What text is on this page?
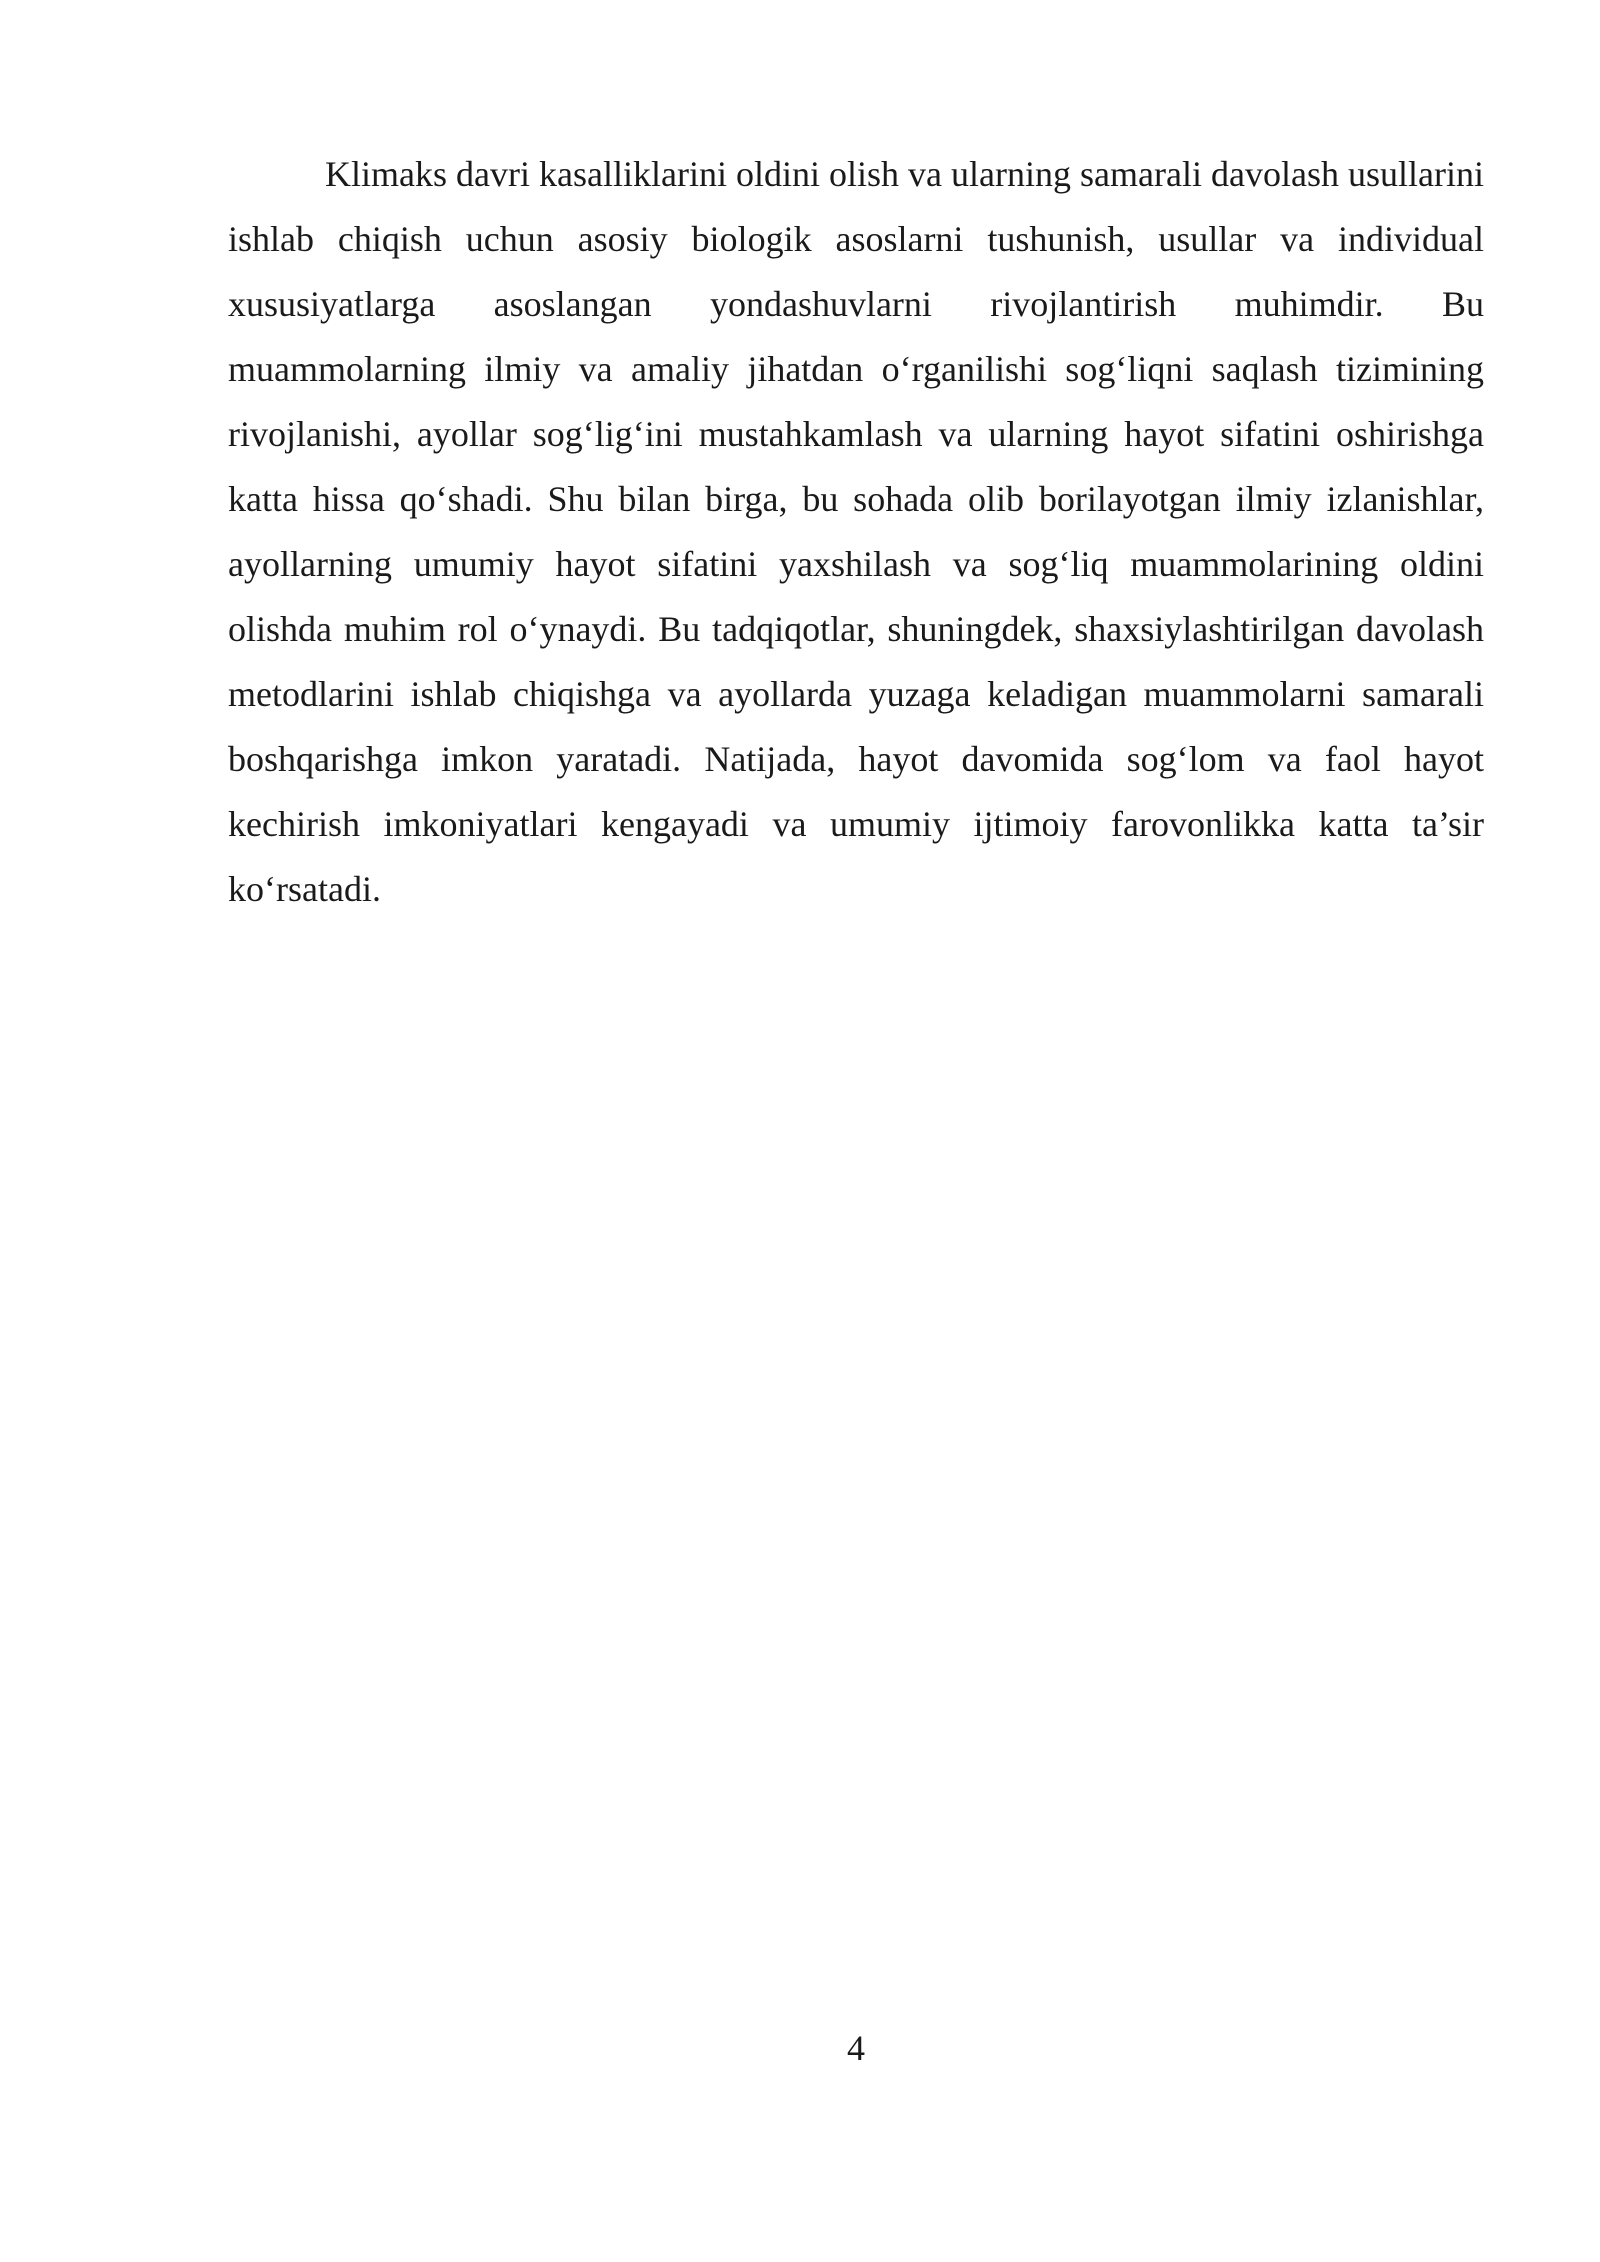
Klimaks davri kasalliklarini oldini olish va ularning samarali davolash usullarini ishlab chiqish uchun asosiy biologik asoslarni tushunish, usullar va individual xususiyatlarga asoslangan yondashuvlarni rivojlantirish muhimdir. Bu muammolarning ilmiy va amaliy jihatdan o‘rganilishi sog‘liqni saqlash tizimining rivojlanishi, ayollar sog‘lig‘ini mustahkamlash va ularning hayot sifatini oshirishga katta hissa qo‘shadi. Shu bilan birga, bu sohada olib borilayotgan ilmiy izlanishlar, ayollarning umumiy hayot sifatini yaxshilash va sog‘liq muammolarining oldini olishda muhim rol o‘ynaydi. Bu tadqiqotlar, shuningdek, shaxsiylashtirilgan davolash metodlarini ishlab chiqishga va ayollarda yuzaga keladigan muammolarni samarali boshqarishga imkon yaratadi. Natijada, hayot davomida sog‘lom va faol hayot kechirish imkoniyatlari kengayadi va umumiy ijtimoiy farovonlikka katta ta’sir ko‘rsatadi.

4
